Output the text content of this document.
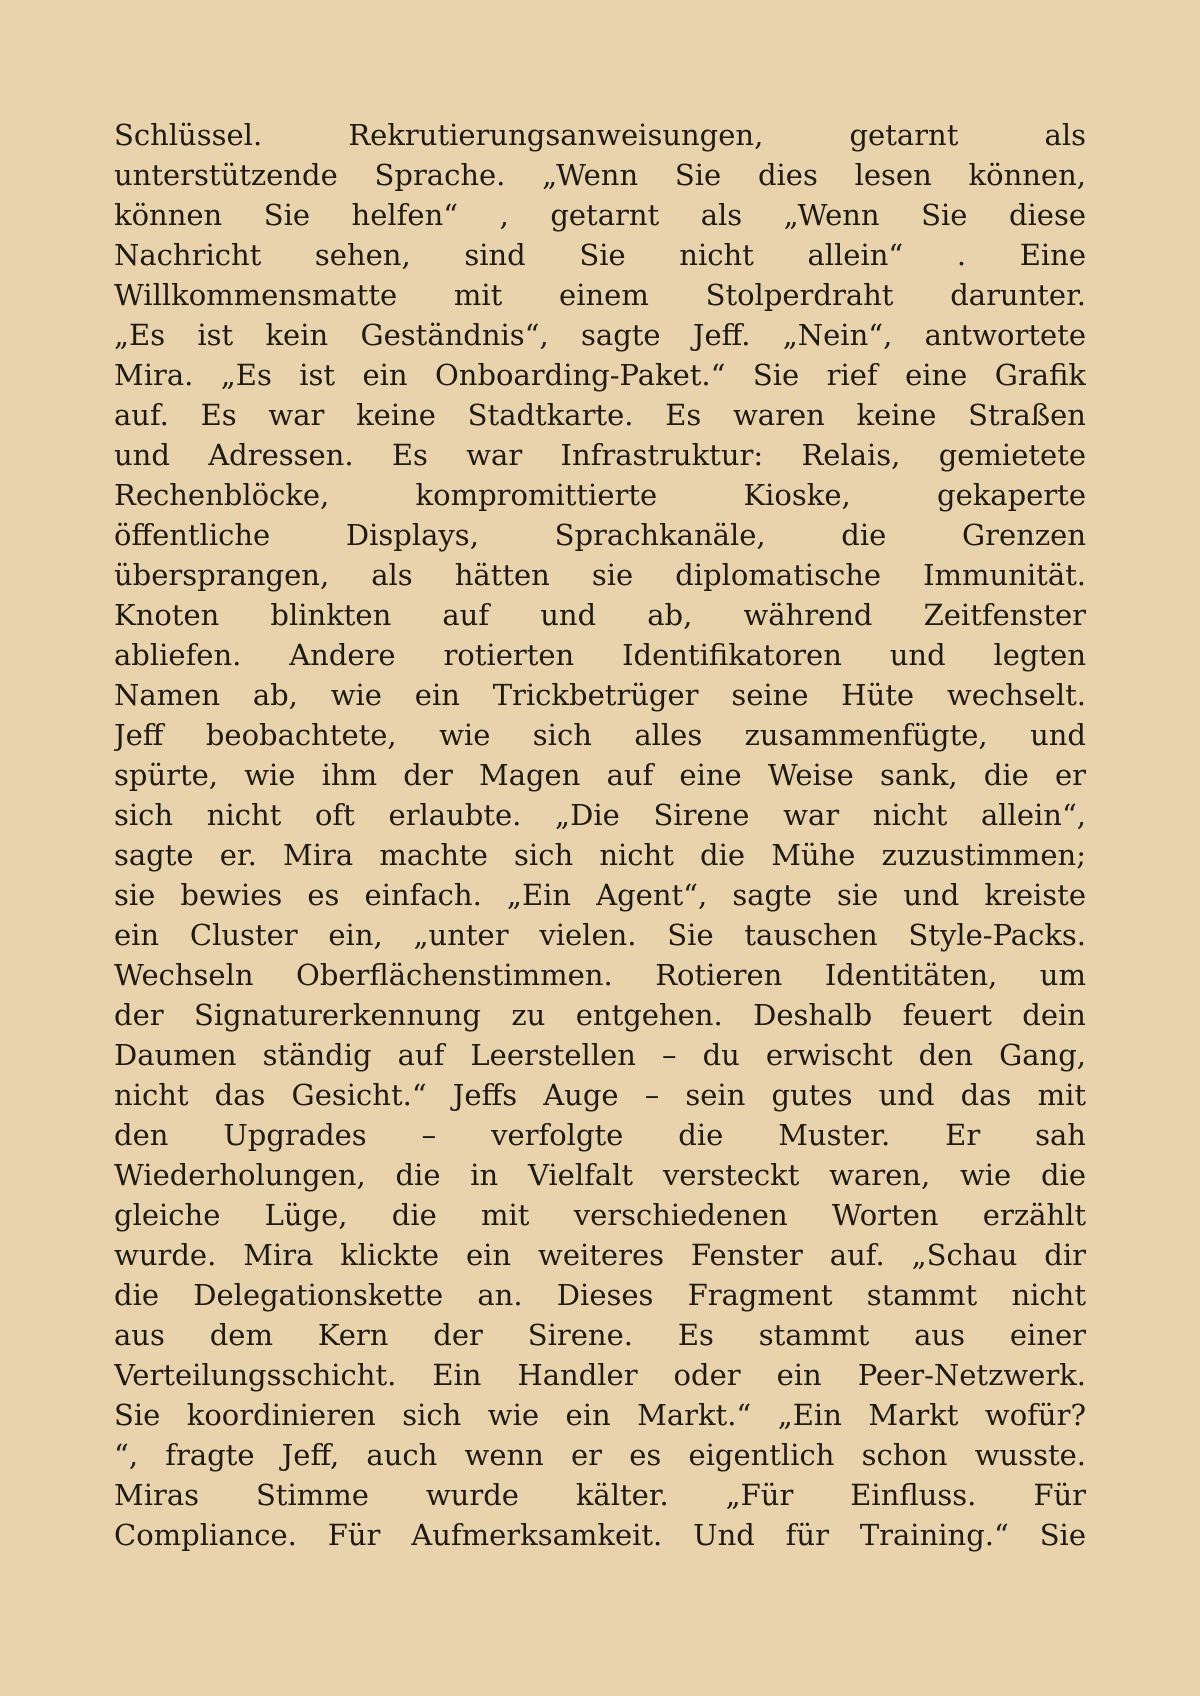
Schlüssel. Rekrutierungsanweisungen, getarnt als
unterstützende Sprache. „Wenn Sie dies lesen können,
können Sie helfen“ , getarnt als „Wenn Sie diese
Nachricht sehen, sind Sie nicht allein“ . Eine
Willkommensmatte mit einem Stolperdraht darunter.
„Es ist kein Geständnis“, sagte Jeff. „Nein“, antwortete
Mira. „Es ist ein Onboarding-Paket.“ Sie rief eine Grafik
auf. Es war keine Stadtkarte. Es waren keine Straßen
und Adressen. Es war Infrastruktur: Relais, gemietete
Rechenblöcke, kompromittierte Kioske, gekaperte
öffentliche Displays, Sprachkanäle, die Grenzen
übersprangen, als hätten sie diplomatische Immunität.
Knoten blinkten auf und ab, während Zeitfenster
abliefen. Andere rotierten Identifikatoren und legten
Namen ab, wie ein Trickbetrüger seine Hüte wechselt.
Jeff beobachtete, wie sich alles zusammenfügte, und
spürte, wie ihm der Magen auf eine Weise sank, die er
sich nicht oft erlaubte. „Die Sirene war nicht allein“,
sagte er. Mira machte sich nicht die Mühe zuzustimmen;
sie bewies es einfach. „Ein Agent“, sagte sie und kreiste
ein Cluster ein, „unter vielen. Sie tauschen Style-Packs.
Wechseln Oberflächenstimmen. Rotieren Identitäten, um
der Signaturerkennung zu entgehen. Deshalb feuert dein
Daumen ständig auf Leerstellen – du erwischt den Gang,
nicht das Gesicht.“ Jeffs Auge – sein gutes und das mit
den Upgrades – verfolgte die Muster. Er sah
Wiederholungen, die in Vielfalt versteckt waren, wie die
gleiche Lüge, die mit verschiedenen Worten erzählt
wurde. Mira klickte ein weiteres Fenster auf. „Schau dir
die Delegationskette an. Dieses Fragment stammt nicht
aus dem Kern der Sirene. Es stammt aus einer
Verteilungsschicht. Ein Handler oder ein Peer-Netzwerk.
Sie koordinieren sich wie ein Markt.“ „Ein Markt wofür?
“, fragte Jeff, auch wenn er es eigentlich schon wusste.
Miras Stimme wurde kälter. „Für Einfluss. Für
Compliance. Für Aufmerksamkeit. Und für Training.“ Sie
